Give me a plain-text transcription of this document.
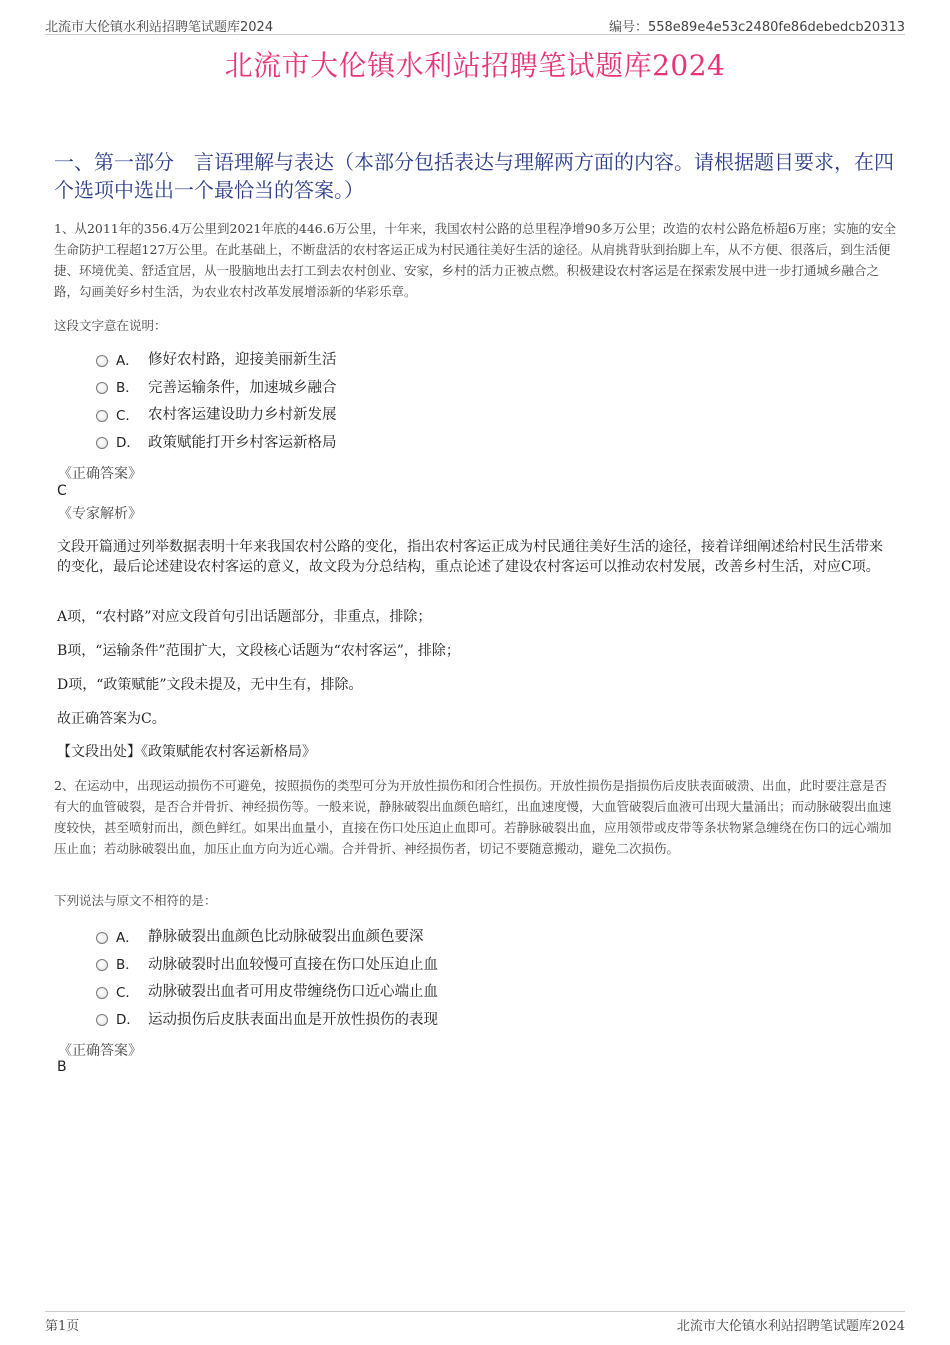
北流市大伦镇水利站招聘笔试题库2024	编号：558e89e4e53c2480fe86debedcb20313
北流市大伦镇水利站招聘笔试题库2024
一、第一部分　言语理解与表达（本部分包括表达与理解两方面的内容。请根据题目要求，在四个选项中选出一个最恰当的答案。）
1、从2011年的356.4万公里到2021年底的446.6万公里，十年来，我国农村公路的总里程净增90多万公里；改造的农村公路危桥超6万座；实施的安全生命防护工程超127万公里。在此基础上，不断盘活的农村客运正成为村民通往美好生活的途径。从肩挑背驮到抬脚上车，从不方便、很落后，到生活便捷、环境优美、舒适宜居，从一股脑地出去打工到去农村创业、安家，乡村的活力正被点燃。积极建设农村客运是在探索发展中进一步打通城乡融合之路，勾画美好乡村生活，为农业农村改革发展增添新的华彩乐章。
这段文字意在说明：
A． 修好农村路，迎接美丽新生活
B． 完善运输条件，加速城乡融合
C． 农村客运建设助力乡村新发展
D． 政策赋能打开乡村客运新格局
《正确答案》
C
《专家解析》
文段开篇通过列举数据表明十年来我国农村公路的变化，指出农村客运正成为村民通往美好生活的途径，接着详细阐述给村民生活带来的变化，最后论述建设农村客运的意义，故文段为分总结构，重点论述了建设农村客运可以推动农村发展，改善乡村生活，对应C项。
A项，“农村路”对应文段首句引出话题部分，非重点，排除；
B项，“运输条件”范围扩大，文段核心话题为“农村客运”，排除；
D项，“政策赋能”文段未提及，无中生有，排除。
故正确答案为C。
【文段出处】《政策赋能农村客运新格局》
2、在运动中，出现运动损伤不可避免，按照损伤的类型可分为开放性损伤和闭合性损伤。开放性损伤是指损伤后皮肤表面破溃、出血，此时要注意是否有大的血管破裂，是否合并骨折、神经损伤等。一般来说，静脉破裂出血颜色暗红，出血速度慢，大血管破裂后血液可出现大量涌出；而动脉破裂出血速度较快，甚至喷射而出，颜色鲜红。如果出血量小，直接在伤口处压迫止血即可。若静脉破裂出血，应用领带或皮带等条状物紧急缠绕在伤口的远心端加压止血；若动脉破裂出血，加压止血方向为近心端。合并骨折、神经损伤者，切记不要随意搬动，避免二次损伤。
下列说法与原文不相符的是：
A． 静脉破裂出血颜色比动脉破裂出血颜色要深
B． 动脉破裂时出血较慢可直接在伤口处压迫止血
C． 动脉破裂出血者可用皮带缠绕伤口近心端止血
D． 运动损伤后皮肤表面出血是开放性损伤的表现
《正确答案》
B
第1页	北流市大伦镇水利站招聘笔试题库2024
